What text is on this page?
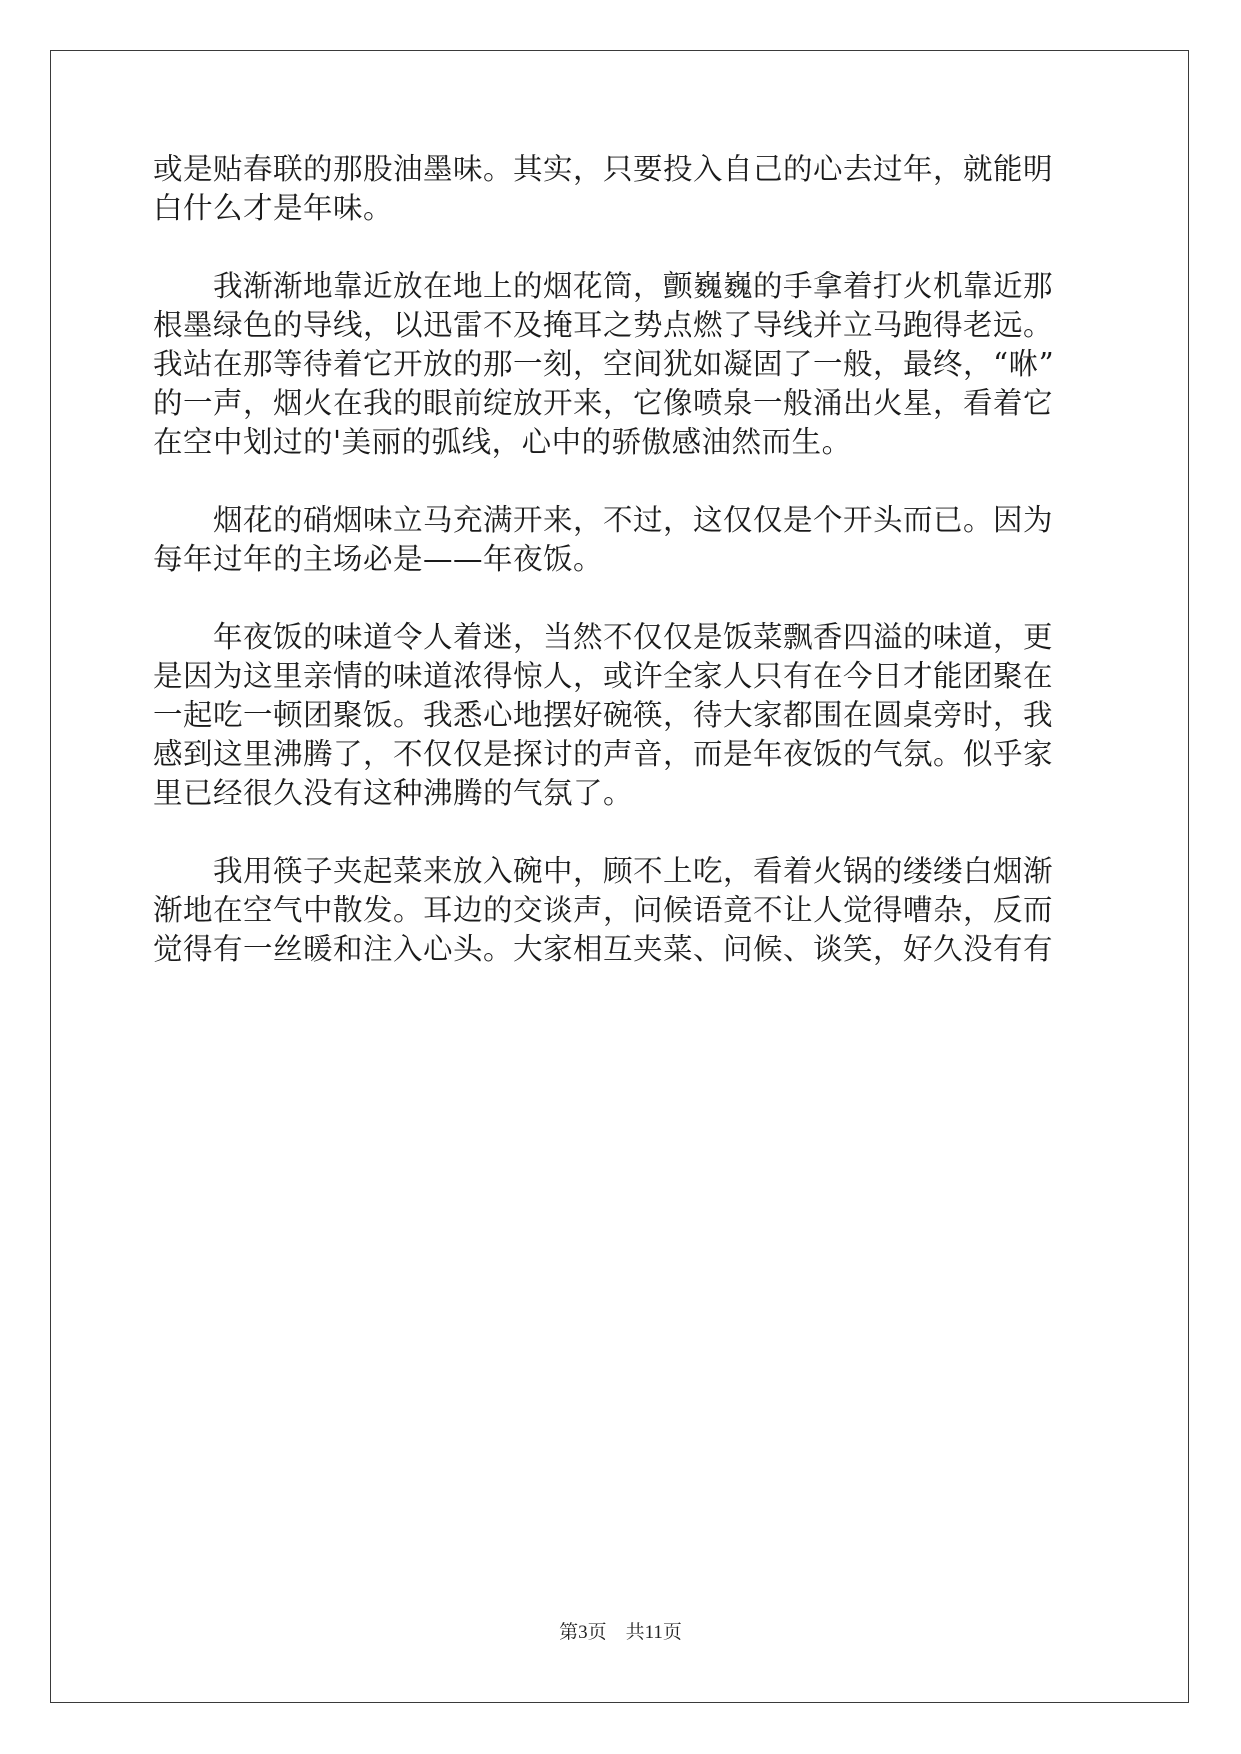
或是贴春联的那股油墨味。其实，只要投入自己的心去过年，就能明
白什么才是年味。
我渐渐地靠近放在地上的烟花筒，颤巍巍的手拿着打火机靠近那
根墨绿色的导线，以迅雷不及掩耳之势点燃了导线并立马跑得老远。
我站在那等待着它开放的那一刻，空间犹如凝固了一般，最终，“咻”
的一声，烟火在我的眼前绽放开来，它像喷泉一般涌出火星，看着它
在空中划过的'美丽的弧线，心中的骄傲感油然而生。
烟花的硝烟味立马充满开来，不过，这仅仅是个开头而已。因为
每年过年的主场必是——年夜饭。
年夜饭的味道令人着迷，当然不仅仅是饭菜飘香四溢的味道，更
是因为这里亲情的味道浓得惊人，或许全家人只有在今日才能团聚在
一起吃一顿团聚饭。我悉心地摆好碗筷，待大家都围在圆桌旁时，我
感到这里沸腾了，不仅仅是探讨的声音，而是年夜饭的气氛。似乎家
里已经很久没有这种沸腾的气氛了。
我用筷子夹起菜来放入碗中，顾不上吃，看着火锅的缕缕白烟渐
渐地在空气中散发。耳边的交谈声，问候语竟不让人觉得嘈杂，反而
觉得有一丝暖和注入心头。大家相互夹菜、问候、谈笑，好久没有有
第3页　共11页
